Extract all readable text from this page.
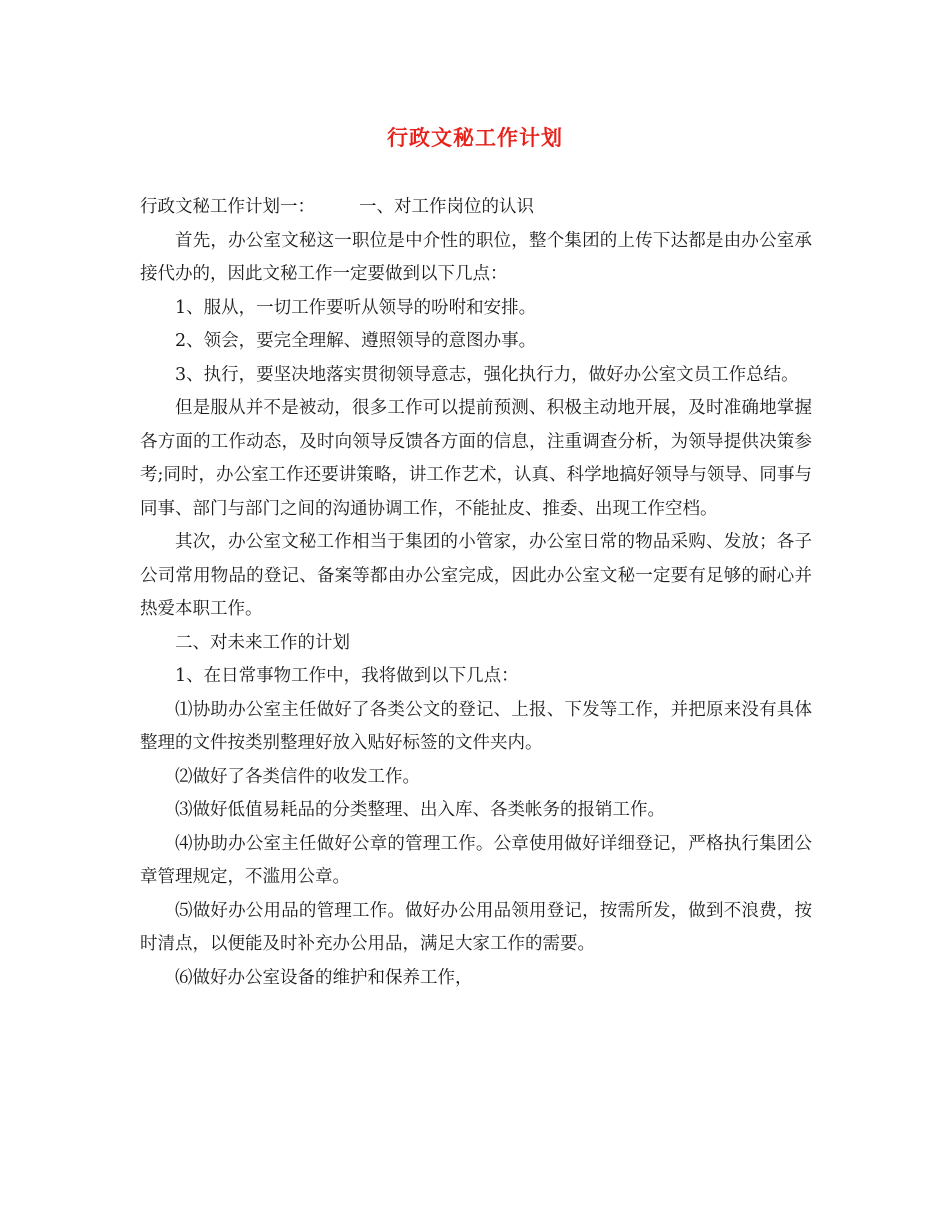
行政文秘工作计划

行政文秘工作计划一：	一、对工作岗位的认识

首先，办公室文秘这一职位是中介性的职位，整个集团的上传下达都是由办公室承接代办的，因此文秘工作一定要做到以下几点：

1、服从，一切工作要听从领导的吩咐和安排。

2、领会，要完全理解、遵照领导的意图办事。

3、执行，要坚决地落实贯彻领导意志，强化执行力，做好办公室文员工作总结。

但是服从并不是被动，很多工作可以提前预测、积极主动地开展，及时准确地掌握各方面的工作动态，及时向领导反馈各方面的信息，注重调查分析，为领导提供决策参考;同时，办公室工作还要讲策略，讲工作艺术，认真、科学地搞好领导与领导、同事与同事、部门与部门之间的沟通协调工作，不能扯皮、推委、出现工作空档。

其次，办公室文秘工作相当于集团的小管家，办公室日常的物品采购、发放；各子公司常用物品的登记、备案等都由办公室完成，因此办公室文秘一定要有足够的耐心并热爱本职工作。

二、对未来工作的计划

1、在日常事物工作中，我将做到以下几点：

⑴协助办公室主任做好了各类公文的登记、上报、下发等工作，并把原来没有具体整理的文件按类别整理好放入贴好标签的文件夹内。

⑵做好了各类信件的收发工作。

⑶做好低值易耗品的分类整理、出入库、各类帐务的报销工作。

⑷协助办公室主任做好公章的管理工作。公章使用做好详细登记，严格执行集团公章管理规定，不滥用公章。

⑸做好办公用品的管理工作。做好办公用品领用登记，按需所发，做到不浪费，按时清点，以便能及时补充办公用品，满足大家工作的需要。

⑹做好办公室设备的维护和保养工作，
